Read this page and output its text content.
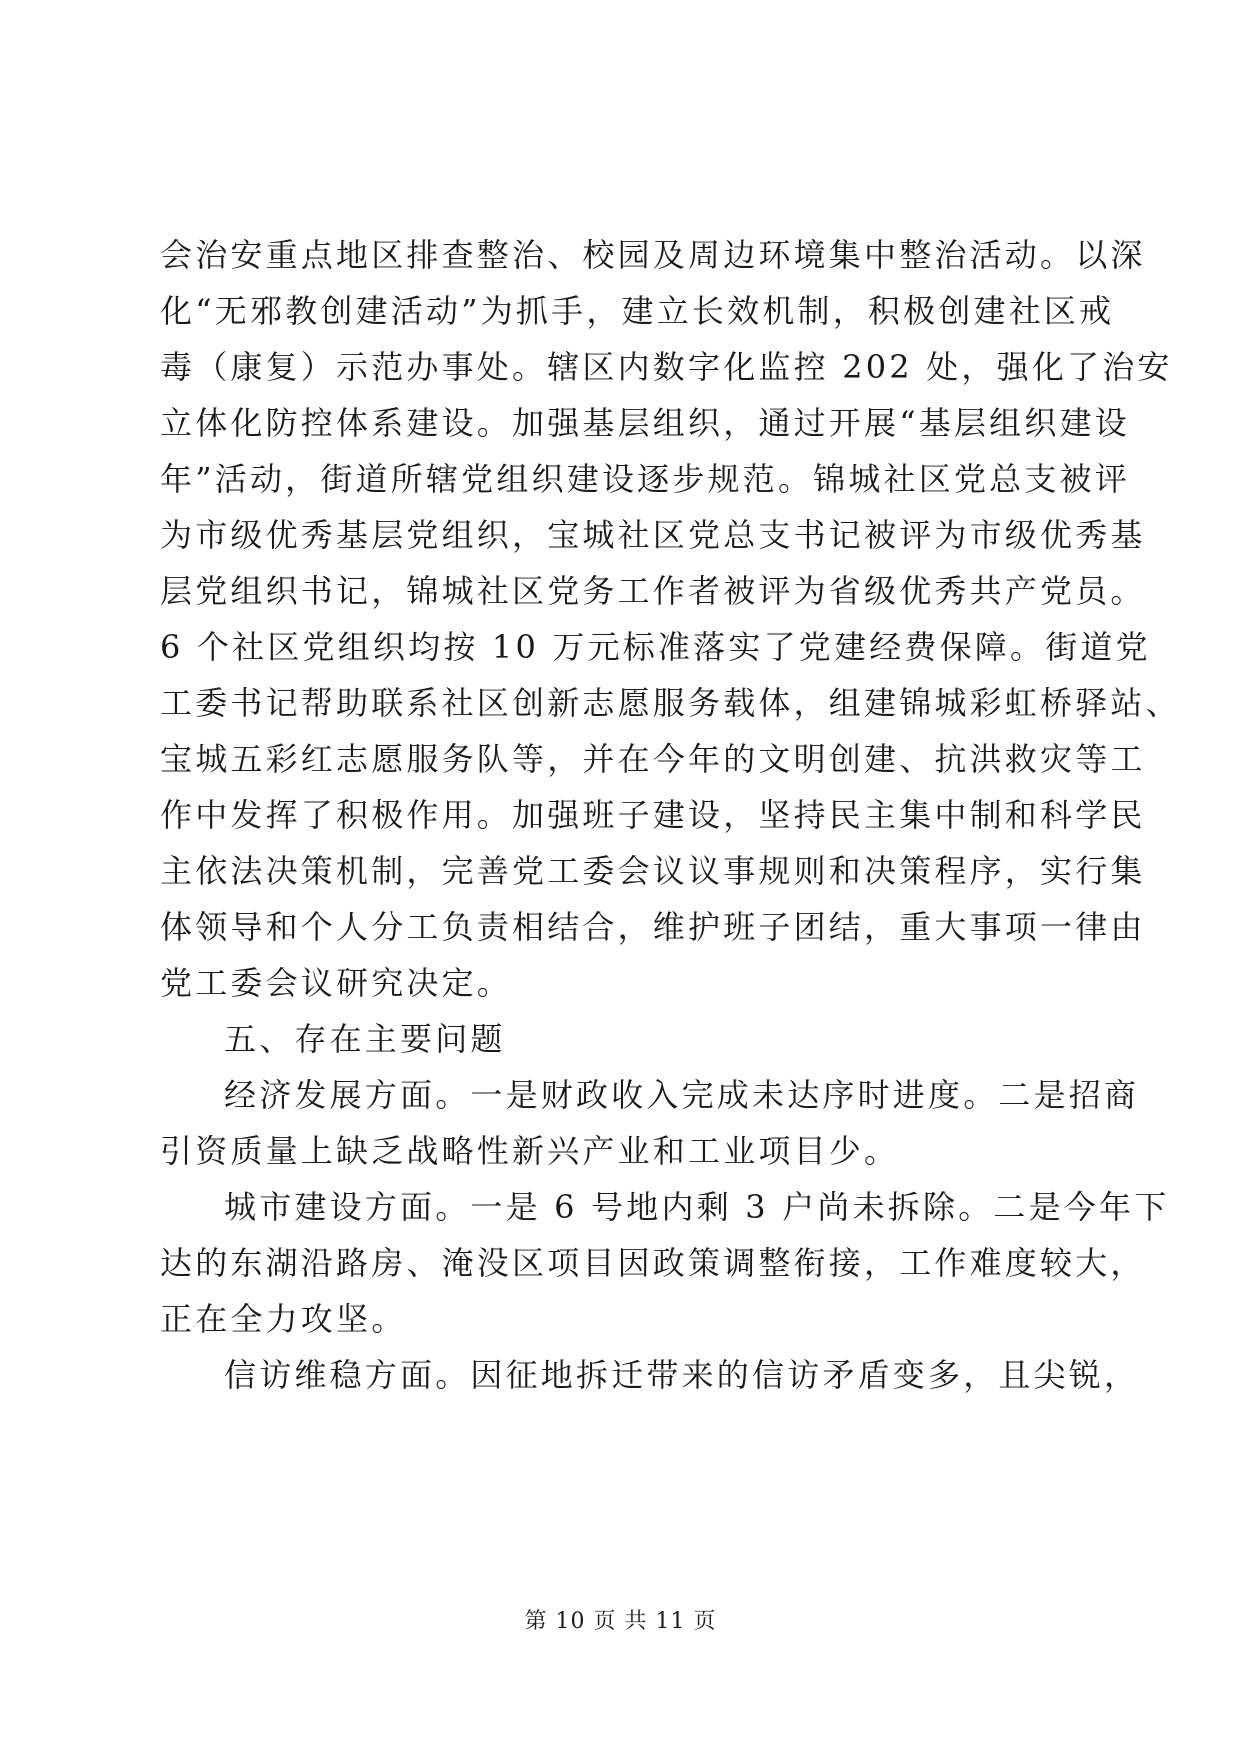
会治安重点地区排查整治、校园及周边环境集中整治活动。以深
化“无邪教创建活动”为抓手，建立长效机制，积极创建社区戒
毒（康复）示范办事处。辖区内数字化监控 202 处，强化了治安
立体化防控体系建设。加强基层组织，通过开展“基层组织建设
年”活动，街道所辖党组织建设逐步规范。锦城社区党总支被评
为市级优秀基层党组织，宝城社区党总支书记被评为市级优秀基
层党组织书记，锦城社区党务工作者被评为省级优秀共产党员。
6 个社区党组织均按 10 万元标准落实了党建经费保障。街道党
工委书记帮助联系社区创新志愿服务载体，组建锦城彩虹桥驿站、
宝城五彩红志愿服务队等，并在今年的文明创建、抗洪救灾等工
作中发挥了积极作用。加强班子建设，坚持民主集中制和科学民
主依法决策机制，完善党工委会议议事规则和决策程序，实行集
体领导和个人分工负责相结合，维护班子团结，重大事项一律由
党工委会议研究决定。
五、存在主要问题
经济发展方面。一是财政收入完成未达序时进度。二是招商
引资质量上缺乏战略性新兴产业和工业项目少。
城市建设方面。一是 6 号地内剩 3 户尚未拆除。二是今年下
达的东湖沿路房、淹没区项目因政策调整衔接，工作难度较大，
正在全力攻坚。
信访维稳方面。因征地拆迁带来的信访矛盾变多，且尖锐，
第 10 页 共 11 页
